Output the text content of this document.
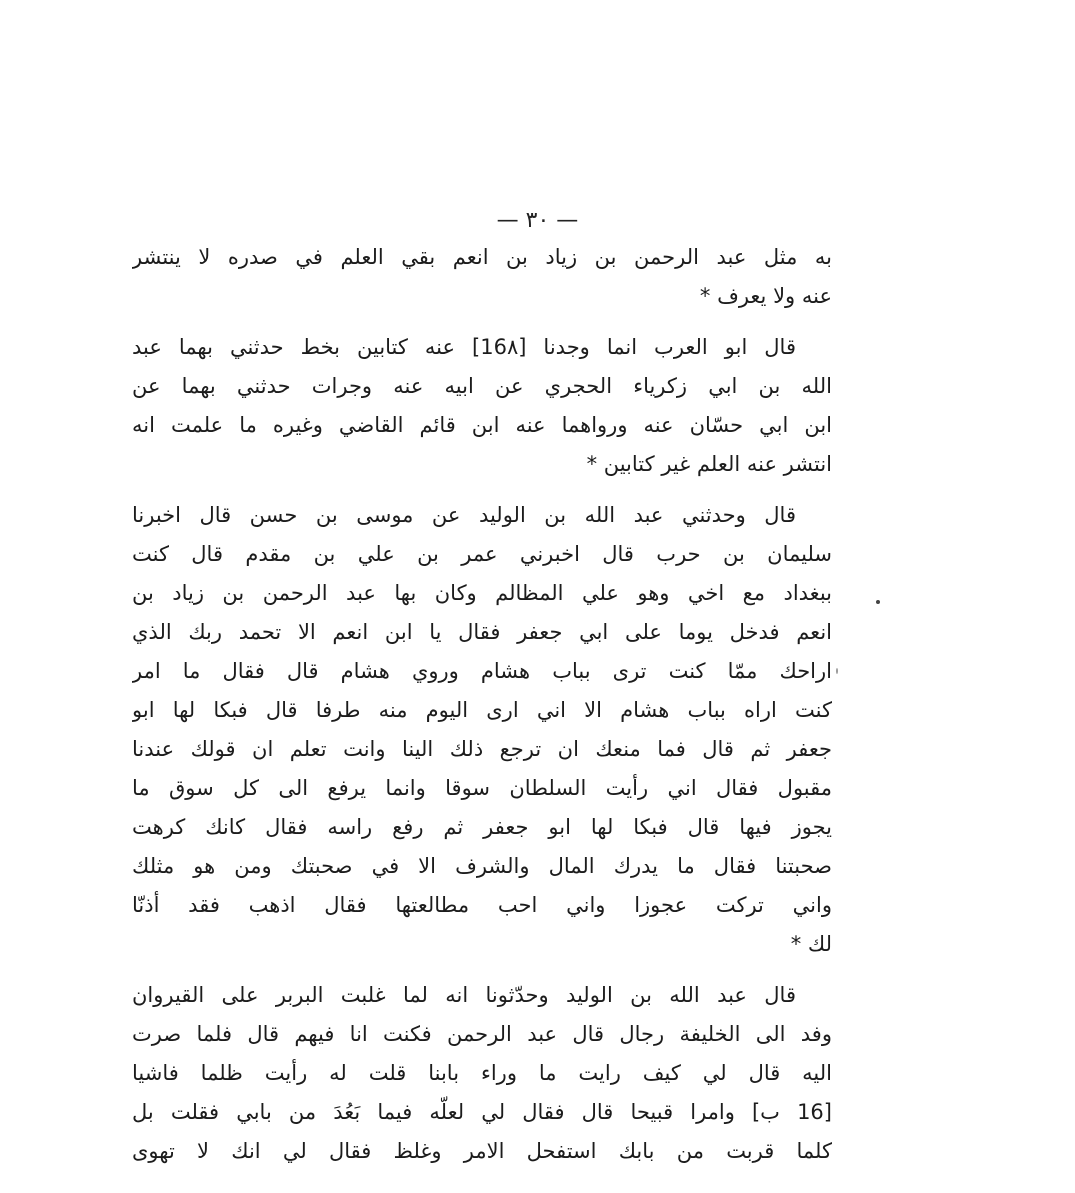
— ٣٠ —
به مثل عبد الرحمن بن زياد بن انعم بقي العلم في صدره لا ينتشر
عنه ولا يعرف *
قال ابو العرب انما وجدنا [16٨] عنه كتابين بخط حدثني بهما عبد
الله بن ابي زكرياء الحجري عن ابيه عنه وجرات حدثني بهما عن
ابن ابي حسّان عنه ورواهما عنه ابن قائم القاضي وغيره ما علمت انه
انتشر عنه العلم غير كتابين *
قال وحدثني عبد الله بن الوليد عن موسى بن حسن قال اخبرنا
سليمان بن حرب قال اخبرني عمر بن علي بن مقدم قال كنت
ببغداد مع اخي وهو علي المظالم وكان بها عبد الرحمن بن زياد بن
انعم فدخل يوما على ابي جعفر فقال يا ابن انعم الا تحمد ربك الذي
اراحك ممّا كنت ترى بباب هشام وروي هشام قال فقال ما امر
كنت اراه بباب هشام الا اني ارى اليوم منه طرفا قال فبكا لها ابو
جعفر ثم قال فما منعك ان ترجع ذلك الينا وانت تعلم ان قولك عندنا
مقبول فقال اني رأيت السلطان سوقا وانما يرفع الى كل سوق ما
يجوز فيها قال فبكا لها ابو جعفر ثم رفع راسه فقال كانك كرهت
صحبتنا فقال ما يدرك المال والشرف الا في صحبتك ومن هو مثلك
واني تركت عجوزا واني احب مطالعتها فقال اذهب فقد أذنّا
لك *
قال عبد الله بن الوليد وحدّثونا انه لما غلبت البربر على القيروان
وفد الى الخليفة رجال قال عبد الرحمن فكنت انا فيهم قال فلما صرت
اليه قال لي كيف رايت ما وراء بابنا قلت له رأيت ظلما فاشيا
[16 ب] وامرا قبيحا قال فقال لي لعلّه فيما بَعُدَ من بابي فقلت بل
كلما قربت من بابك استفحل الامر وغلظ فقال لي انك لا تهوى
